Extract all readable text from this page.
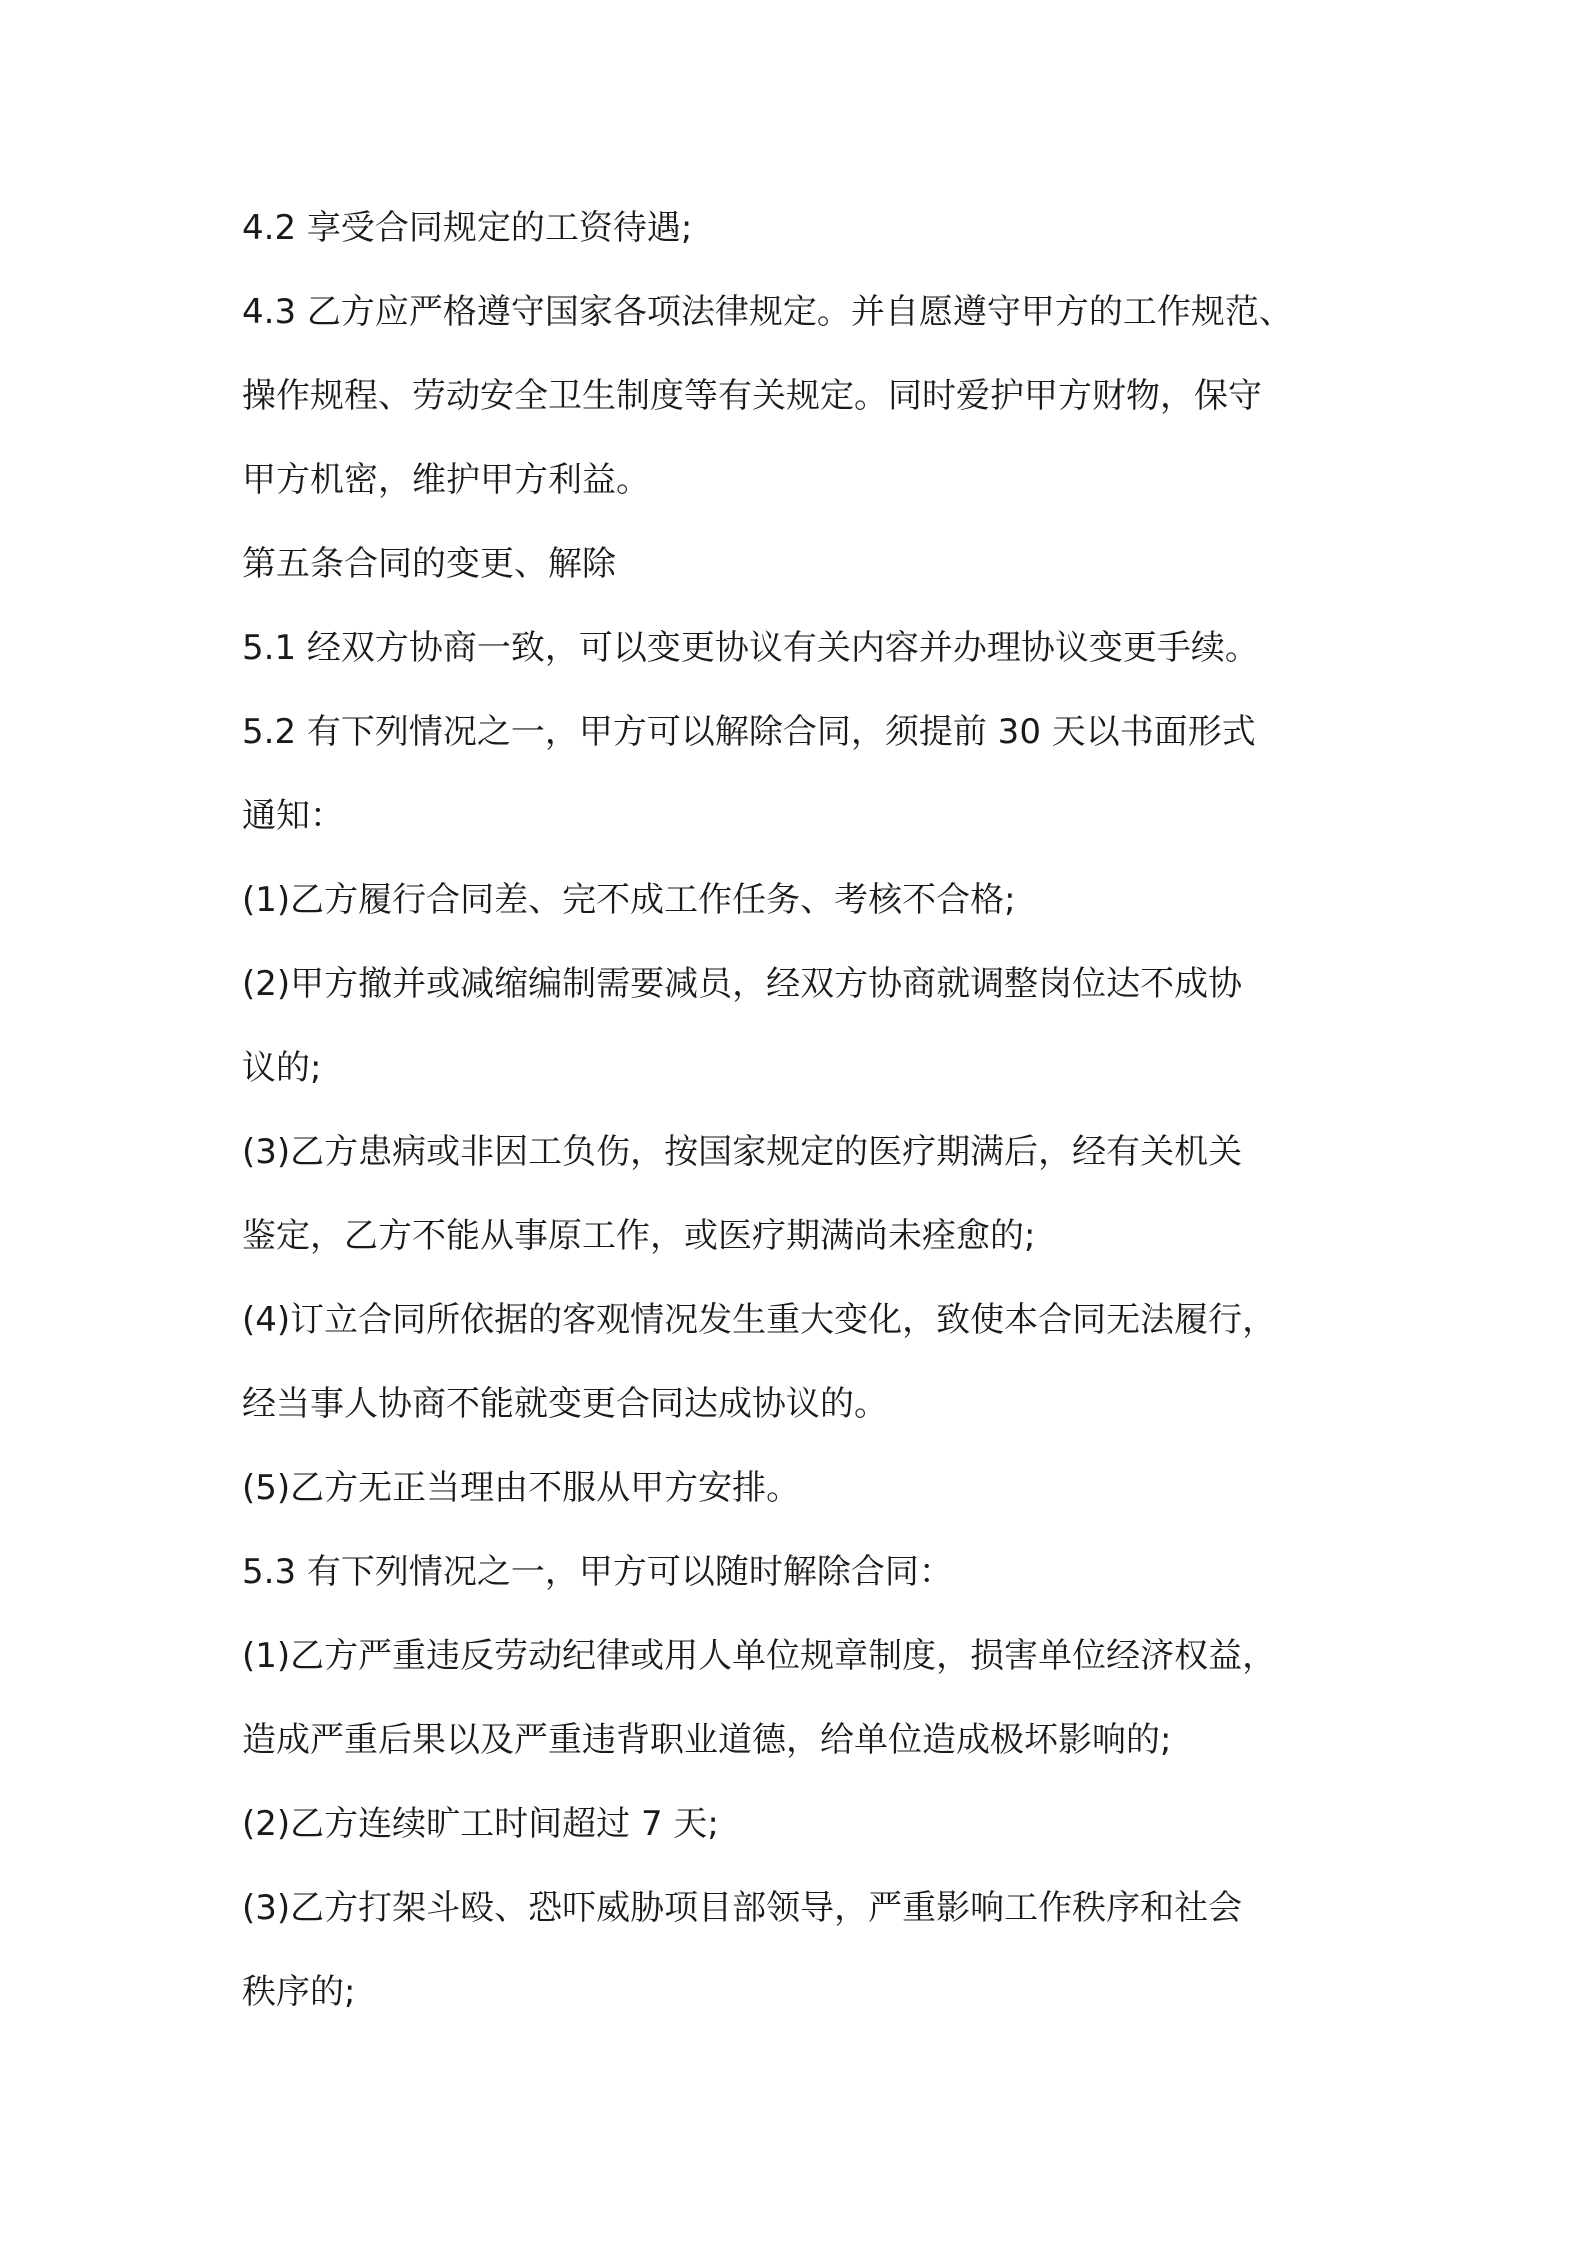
4.2 享受合同规定的工资待遇;

4.3 乙方应严格遵守国家各项法律规定。并自愿遵守甲方的工作规范、

操作规程、劳动安全卫生制度等有关规定。同时爱护甲方财物，保守

甲方机密，维护甲方利益。

第五条合同的变更、解除

5.1 经双方协商一致，可以变更协议有关内容并办理协议变更手续。

5.2 有下列情况之一，甲方可以解除合同，须提前 30 天以书面形式

通知：

(1)乙方履行合同差、完不成工作任务、考核不合格;

(2)甲方撤并或减缩编制需要减员，经双方协商就调整岗位达不成协

议的;

(3)乙方患病或非因工负伤，按国家规定的医疗期满后，经有关机关

鉴定，乙方不能从事原工作，或医疗期满尚未痊愈的;

(4)订立合同所依据的客观情况发生重大变化，致使本合同无法履行，

经当事人协商不能就变更合同达成协议的。

(5)乙方无正当理由不服从甲方安排。

5.3 有下列情况之一，甲方可以随时解除合同：

(1)乙方严重违反劳动纪律或用人单位规章制度，损害单位经济权益，

造成严重后果以及严重违背职业道德，给单位造成极坏影响的;

(2)乙方连续旷工时间超过 7 天;

(3)乙方打架斗殴、恐吓威胁项目部领导，严重影响工作秩序和社会

秩序的;
